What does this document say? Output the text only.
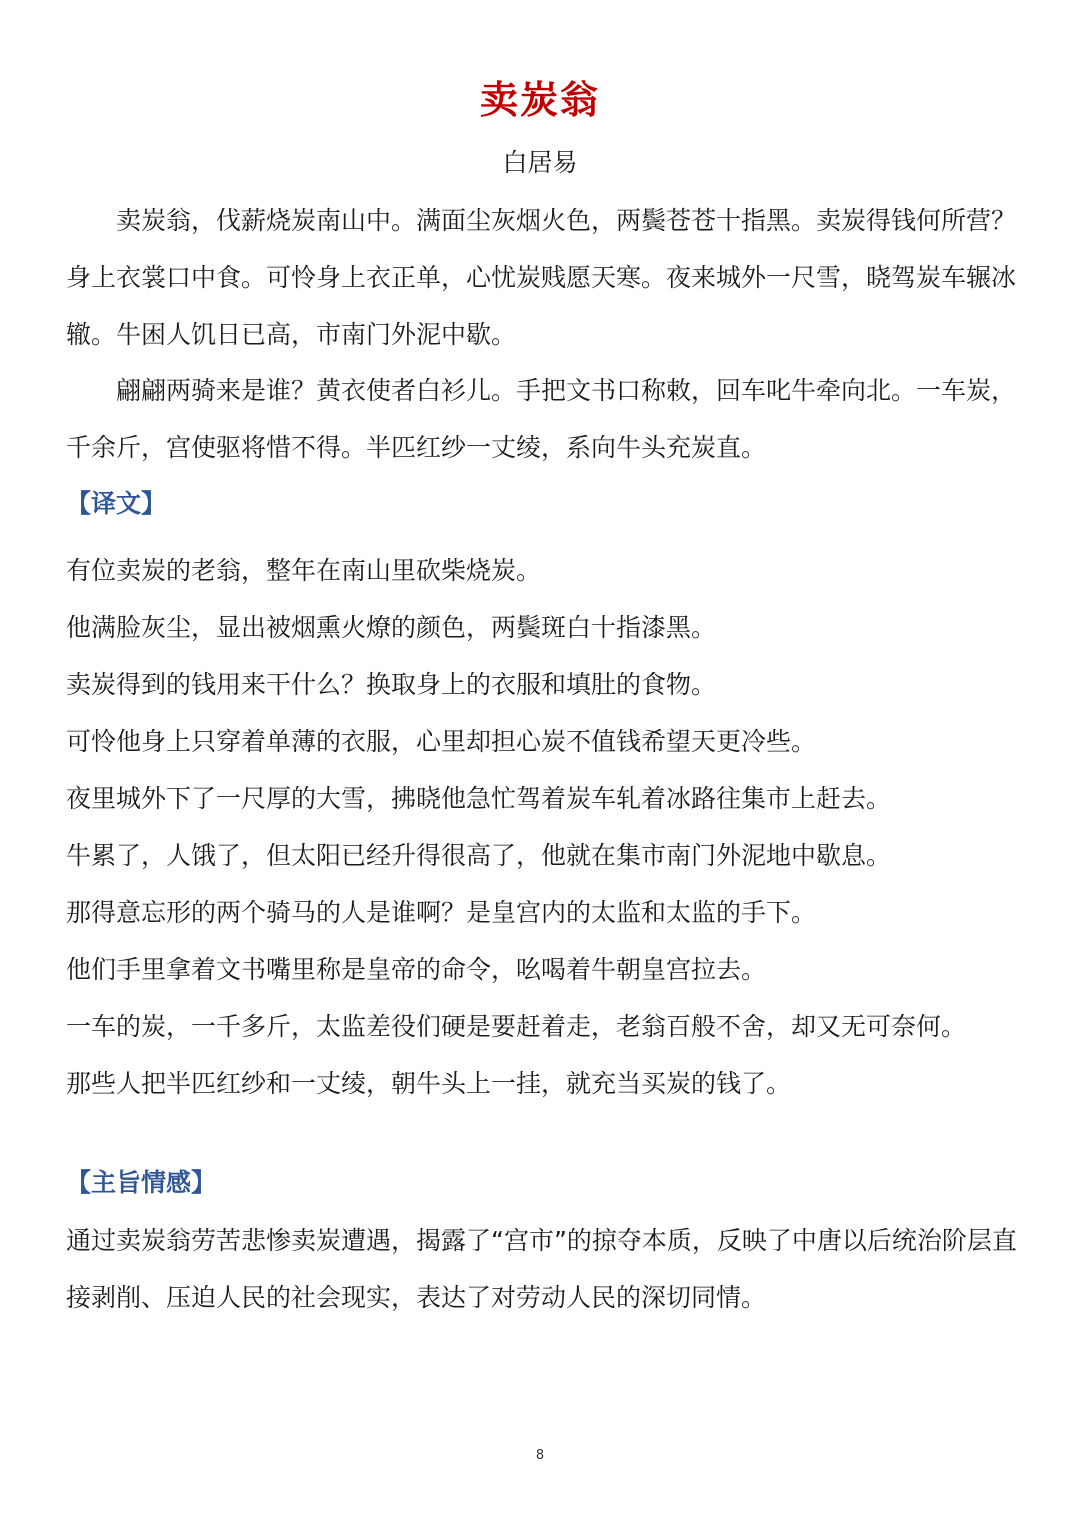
卖炭翁
白居易

卖炭翁，伐薪烧炭南山中。满面尘灰烟火色，两鬓苍苍十指黑。卖炭得钱何所营？身上衣裳口中食。可怜身上衣正单，心忧炭贱愿天寒。夜来城外一尺雪，晓驾炭车辗冰辙。牛困人饥日已高，市南门外泥中歇。

翩翩两骑来是谁？黄衣使者白衫儿。手把文书口称敕，回车叱牛牵向北。一车炭，千余斤，宫使驱将惜不得。半匹红纱一丈绫，系向牛头充炭直。

【译文】
有位卖炭的老翁，整年在南山里砍柴烧炭。
他满脸灰尘，显出被烟熏火燎的颜色，两鬓斑白十指漆黑。
卖炭得到的钱用来干什么？换取身上的衣服和填肚的食物。
可怜他身上只穿着单薄的衣服，心里却担心炭不值钱希望天更冷些。
夜里城外下了一尺厚的大雪，拂晓他急忙驾着炭车轧着冰路往集市上赶去。
牛累了，人饿了，但太阳已经升得很高了，他就在集市南门外泥地中歇息。
那得意忘形的两个骑马的人是谁啊？是皇宫内的太监和太监的手下。
他们手里拿着文书嘴里称是皇帝的命令，吆喝着牛朝皇宫拉去。
一车的炭，一千多斤，太监差役们硬是要赶着走，老翁百般不舍，却又无可奈何。
那些人把半匹红纱和一丈绫，朝牛头上一挂，就充当买炭的钱了。
【主旨情感】

通过卖炭翁劳苦悲惨卖炭遭遇，揭露了“宫市”的掠夺本质，反映了中唐以后统治阶层直接剥削、压迫人民的社会现实，表达了对劳动人民的深切同情。

8
